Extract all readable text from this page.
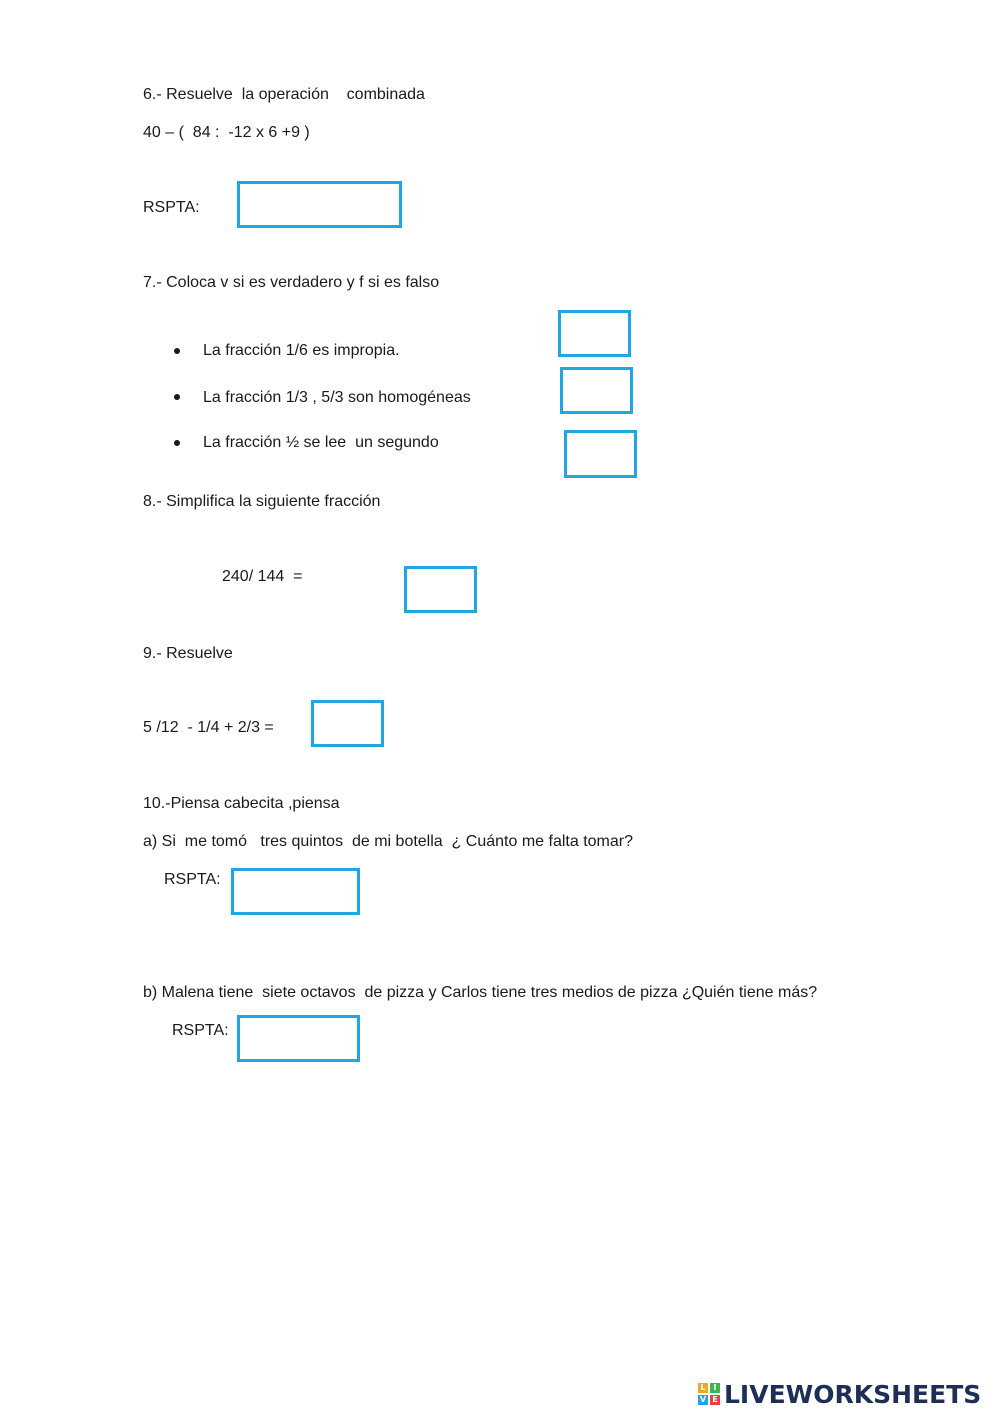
6.- Resuelve  la operación    combinada
40 – (  84 :  -12 x 6 +9 )
RSPTA:
7.- Coloca v si es verdadero y f si es falso
La fracción 1/6 es impropia.
La fracción 1/3 , 5/3 son homogéneas
La fracción ½ se lee  un segundo
8.- Simplifica la siguiente fracción
240/ 144  =
9.- Resuelve
5 /12  - 1/4 + 2/3 =
10.-Piensa cabecita ,piensa
a) Si  me tomó   tres quintos  de mi botella  ¿ Cuánto me falta tomar?
RSPTA:
b) Malena tiene  siete octavos  de pizza y Carlos tiene tres medios de pizza ¿Quién tiene más?
RSPTA:
L I
V E LIVEWORKSHEETS
